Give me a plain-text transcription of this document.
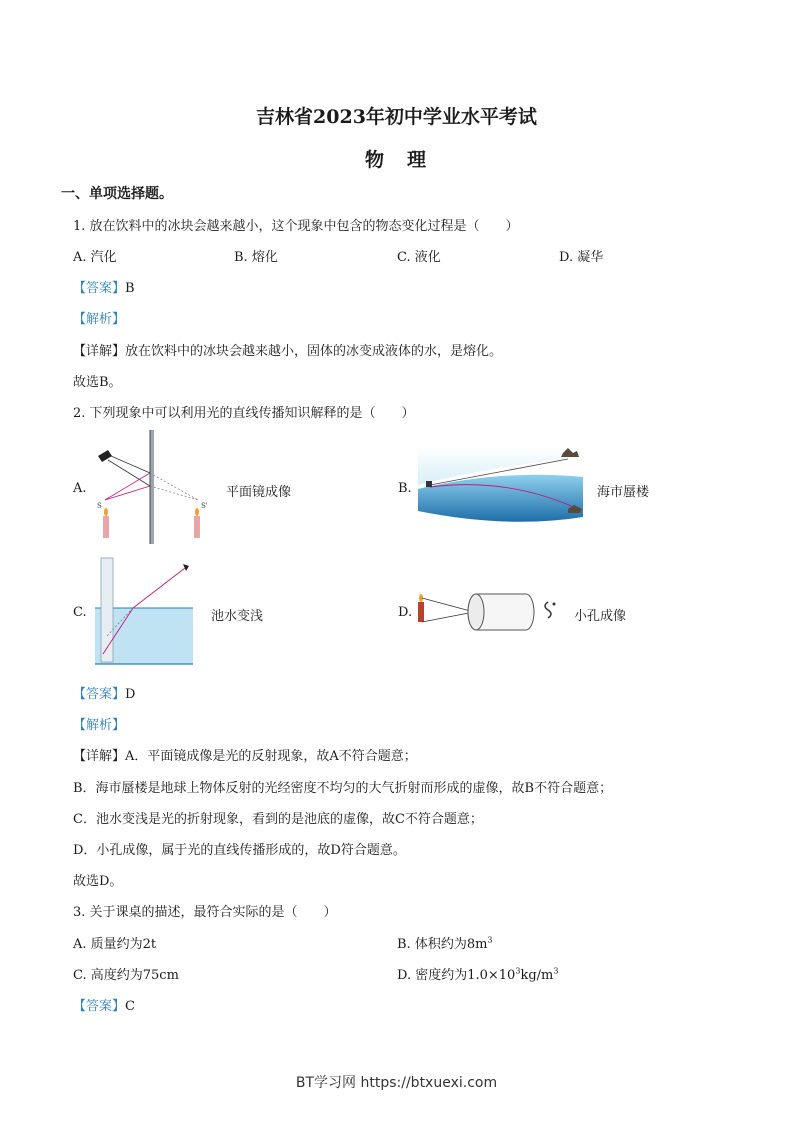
吉林省2023年初中学业水平考试
物　理
一、单项选择题。
1. 放在饮料中的冰块会越来越小，这个现象中包含的物态变化过程是（　　）
A. 汽化	B. 熔化	C. 液化	D. 凝华
【答案】B
【解析】
【详解】放在饮料中的冰块会越来越小，固体的冰变成液体的水，是熔化。
故选B。
2. 下列现象中可以利用光的直线传播知识解释的是（　　）
A.
S	S'
平面镜成像	B.	海市蜃楼
C.	池水变浅	D.	小孔成像
【答案】D
【解析】
【详解】A．平面镜成像是光的反射现象，故A不符合题意；
B．海市蜃楼是地球上物体反射的光经密度不均匀的大气折射而形成的虚像，故B不符合题意；
C．池水变浅是光的折射现象，看到的是池底的虚像，故C不符合题意；
D．小孔成像，属于光的直线传播形成的，故D符合题意。
故选D。
3. 关于课桌的描述，最符合实际的是（　　）
A. 质量约为2t	B. 体积约为$8m^3$
C. 高度约为75cm	D. 密度约为$1.0\times 10^3kg/m^3$
【答案】C
BT学习网 https://btxuexi.com
